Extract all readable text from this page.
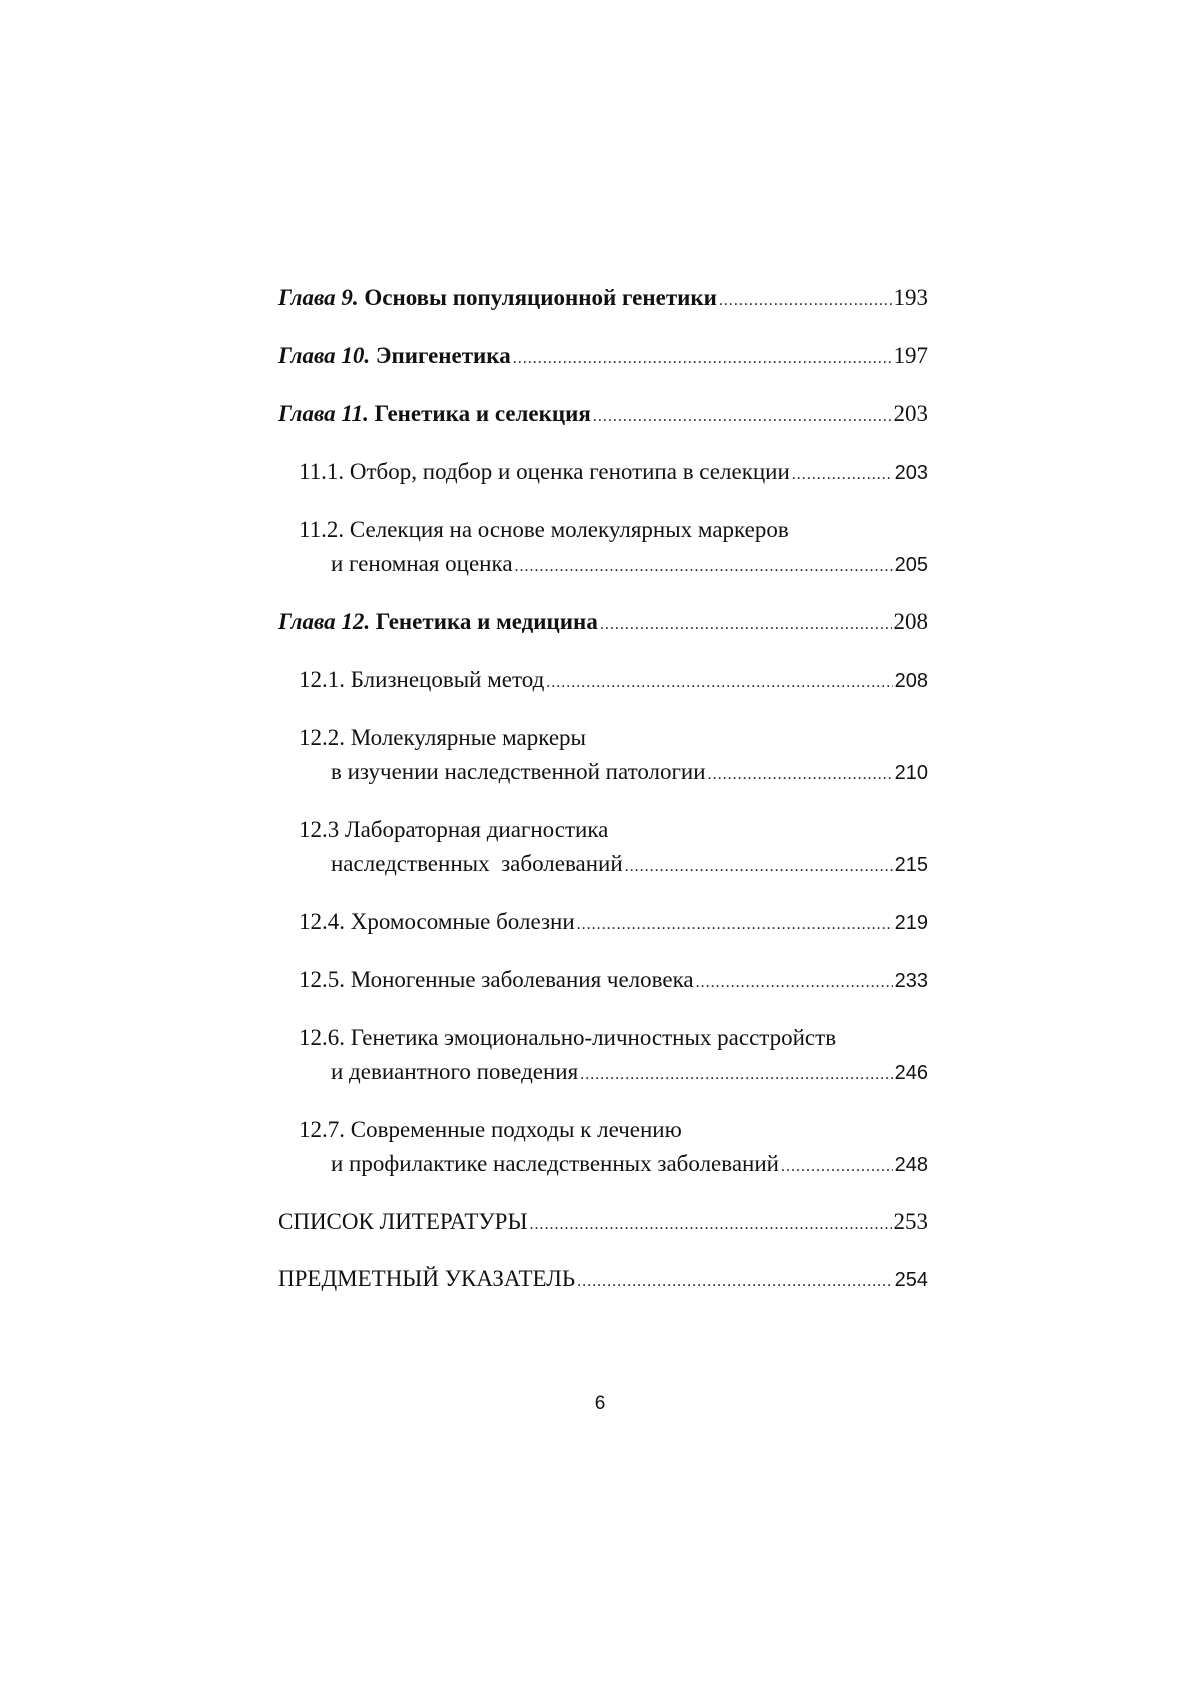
Глава 9. Основы популяционной генетики .....	193
Глава 10. Эпигенетика .....	197
Глава 11. Генетика и селекция .....	203
11.1. Отбор, подбор и оценка генотипа в селекции .....	203
11.2. Селекция на основе молекулярных маркеров
и геномная оценка .....	205
Глава 12. Генетика и медицина .....	208
12.1. Близнецовый метод .....	208
12.2. Молекулярные маркеры
в изучении наследственной патологии .....	210
12.3 Лабораторная диагностика
наследственных  заболеваний .....	215
12.4. Хромосомные болезни .....	219
12.5. Моногенные заболевания человека .....	233
12.6. Генетика эмоционально-личностных расстройств
и девиантного поведения .....	246
12.7. Современные подходы к лечению
и профилактике наследственных заболеваний .....	248
СПИСОК ЛИТЕРАТУРЫ .....	253
ПРЕДМЕТНЫЙ УКАЗАТЕЛЬ .....	254
6
